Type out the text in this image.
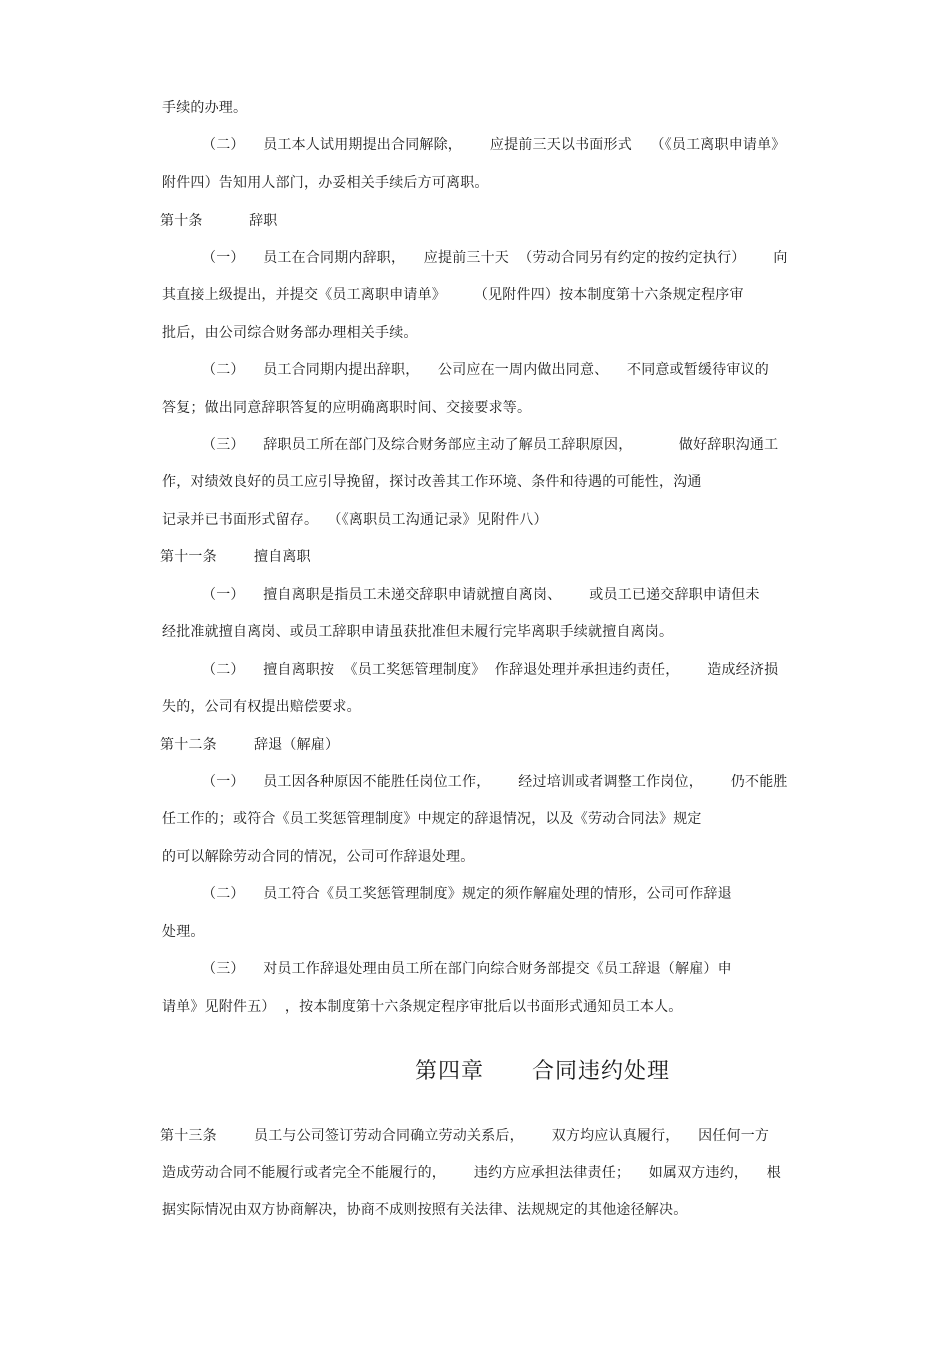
手续的办理。
（二）    员工本人试用期提出合同解除，      应提前三天以书面形式    （《员工离职申请单》
附件四）告知用人部门，办妥相关手续后方可离职。
第十条          辞职
（一）    员工在合同期内辞职，    应提前三十天  （劳动合同另有约定的按约定执行）      向
其直接上级提出，并提交《员工离职申请单》      （见附件四）按本制度第十六条规定程序审
批后，由公司综合财务部办理相关手续。
（二）    员工合同期内提出辞职，    公司应在一周内做出同意、    不同意或暂缓待审议的
答复；做出同意辞职答复的应明确离职时间、交接要求等。
（三）    辞职员工所在部门及综合财务部应主动了解员工辞职原因，          做好辞职沟通工
作，对绩效良好的员工应引导挽留，探讨改善其工作环境、条件和待遇的可能性，沟通
记录并已书面形式留存。  （《离职员工沟通记录》见附件八）
第十一条        擅自离职
（一）    擅自离职是指员工未递交辞职申请就擅自离岗、      或员工已递交辞职申请但未
经批准就擅自离岗、或员工辞职申请虽获批准但未履行完毕离职手续就擅自离岗。
（二）    擅自离职按  《员工奖惩管理制度》  作辞退处理并承担违约责任，      造成经济损
失的，公司有权提出赔偿要求。
第十二条        辞退（解雇）
（一）    员工因各种原因不能胜任岗位工作，      经过培训或者调整工作岗位，      仍不能胜
任工作的；或符合《员工奖惩管理制度》中规定的辞退情况，以及《劳动合同法》规定
的可以解除劳动合同的情况，公司可作辞退处理。
（二）    员工符合《员工奖惩管理制度》规定的须作解雇处理的情形，公司可作辞退
处理。
（三）    对员工作辞退处理由员工所在部门向综合财务部提交《员工辞退（解雇）申
请单》见附件五）  ，按本制度第十六条规定程序审批后以书面形式通知员工本人。
第四章      合同违约处理
第十三条        员工与公司签订劳动合同确立劳动关系后，      双方均应认真履行，    因任何一方
造成劳动合同不能履行或者完全不能履行的，      违约方应承担法律责任；    如属双方违约，    根
据实际情况由双方协商解决，协商不成则按照有关法律、法规规定的其他途径解决。
